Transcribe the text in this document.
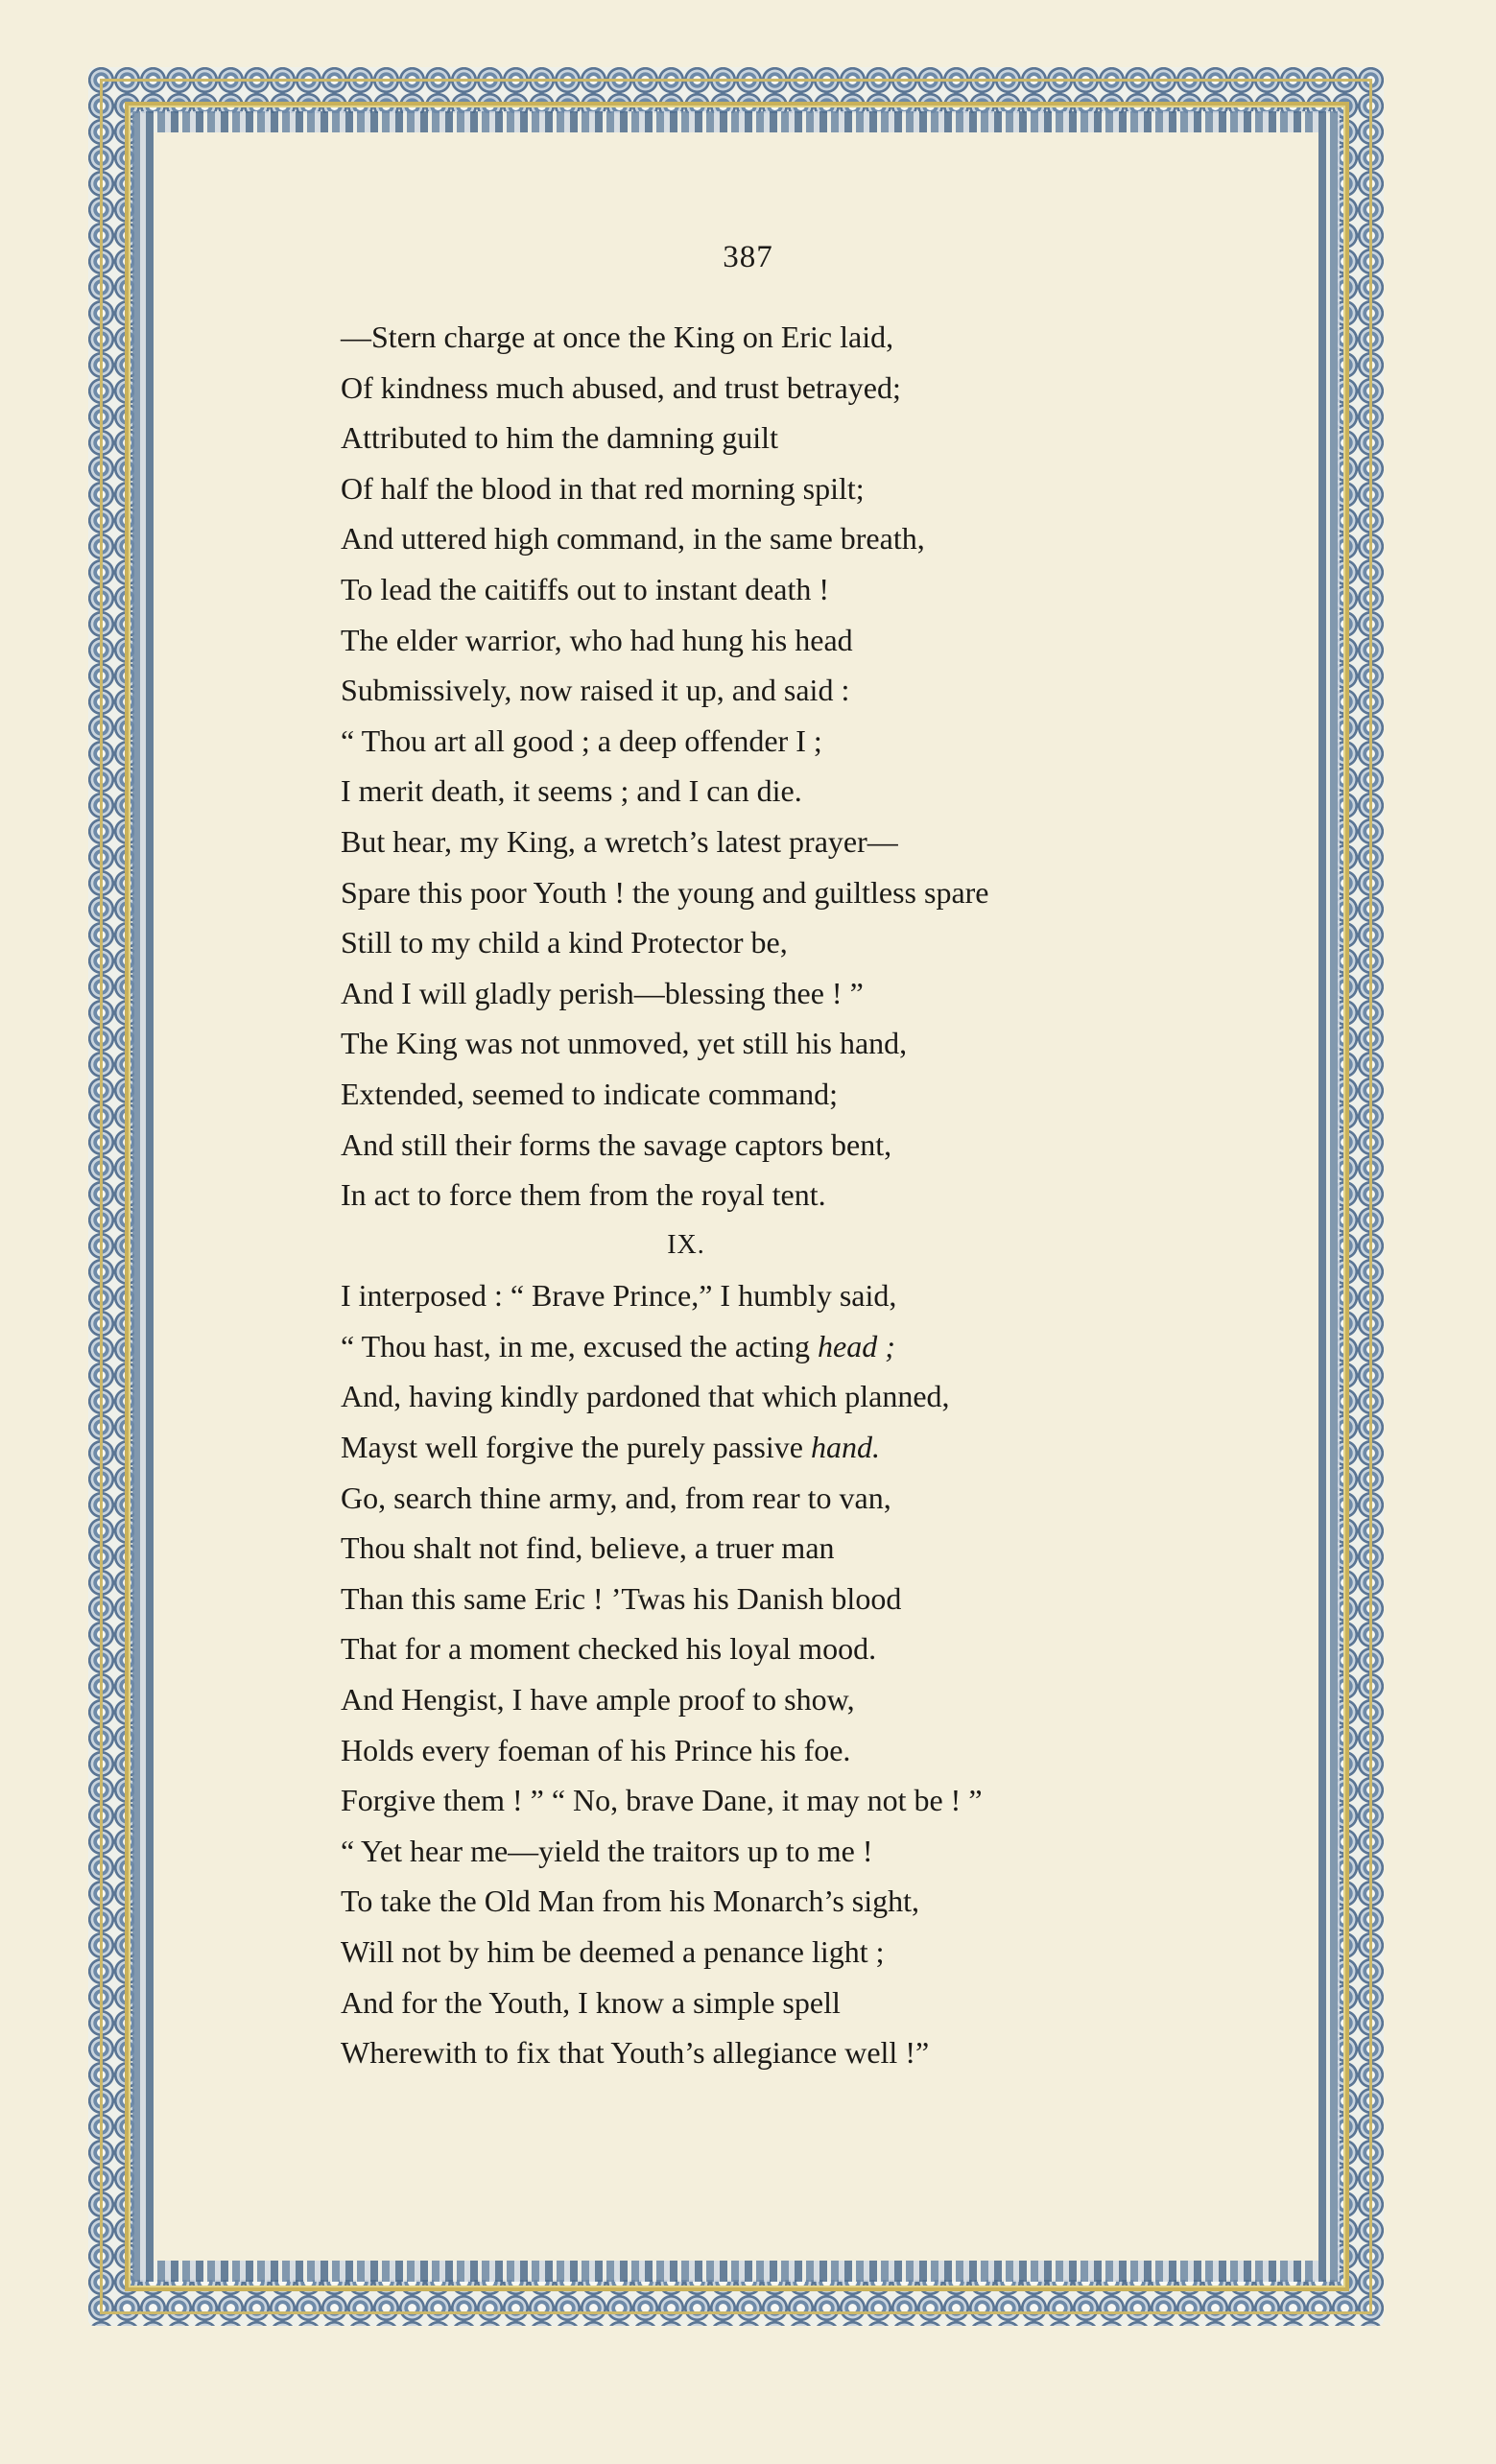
387
—Stern charge at once the King on Eric laid,
Of kindness much abused, and trust betrayed;
Attributed to him the damning guilt
Of half the blood in that red morning spilt;
And uttered high command, in the same breath,
To lead the caitiffs out to instant death !
The elder warrior, who had hung his head
Submissively, now raised it up, and said :
“ Thou art all good ; a deep offender I ;
I merit death, it seems ; and I can die.
But hear, my King, a wretch’s latest prayer—
Spare this poor Youth ! the young and guiltless spare
Still to my child a kind Protector be,
And I will gladly perish—blessing thee ! ”
The King was not unmoved, yet still his hand,
Extended, seemed to indicate command;
And still their forms the savage captors bent,
In act to force them from the royal tent.
IX.
I interposed : “ Brave Prince,” I humbly said,
“ Thou hast, in me, excused the acting head ;
And, having kindly pardoned that which planned,
Mayst well forgive the purely passive hand.
Go, search thine army, and, from rear to van,
Thou shalt not find, believe, a truer man
Than this same Eric ! ’Twas his Danish blood
That for a moment checked his loyal mood.
And Hengist, I have ample proof to show,
Holds every foeman of his Prince his foe.
Forgive them ! ” “ No, brave Dane, it may not be ! ”
“ Yet hear me—yield the traitors up to me !
To take the Old Man from his Monarch’s sight,
Will not by him be deemed a penance light ;
And for the Youth, I know a simple spell
Wherewith to fix that Youth’s allegiance well !”
